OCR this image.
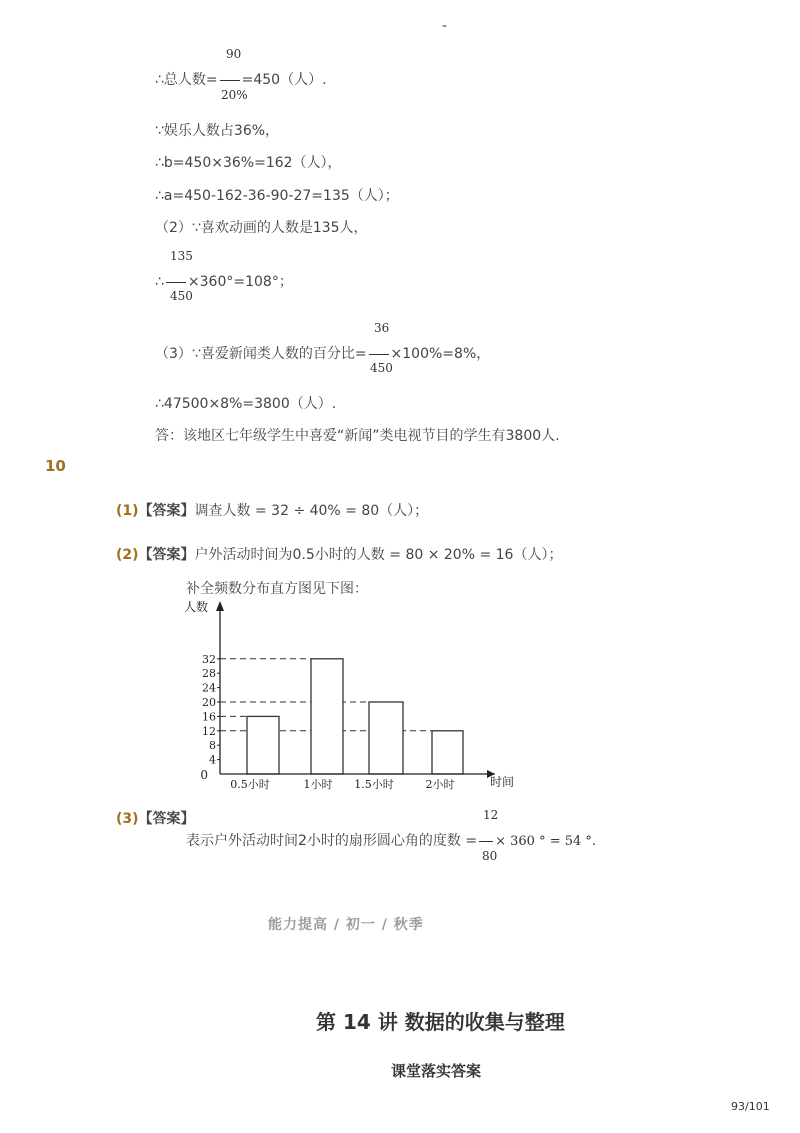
-
90
∴总人数= =450（人）.
20%
∵娱乐人数占36%，
∴b=450×36%=162（人），
∴a=450-162-36-90-27=135（人）；
（2）∵喜欢动画的人数是135人，
135
∴ ×360°=108°；
450
36
（3）∵喜爱新闻类人数的百分比= ×100%=8%，
450
∴47500×8%=3800（人）.
答：该地区七年级学生中喜爱“新闻”类电视节目的学生有3800人.
10
(1)【答案】调查人数 = 32 ÷ 40% = 80（人）；
(2)【答案】户外活动时间为0.5小时的人数 = 80 × 20% = 16（人）；
补全频数分布直方图见下图：
0
4
8
12
16
20
24
28
32
0.5小时	1小时 1.5小时	2小时
人数
时间
(3)【答案】	12
表示户外活动时间2小时的扇形圆心角的度数 = × 360 ° = 54 °.
80
能力提高 / 初一 / 秋季
第 14 讲 数据的收集与整理
课堂落实答案
93/101
